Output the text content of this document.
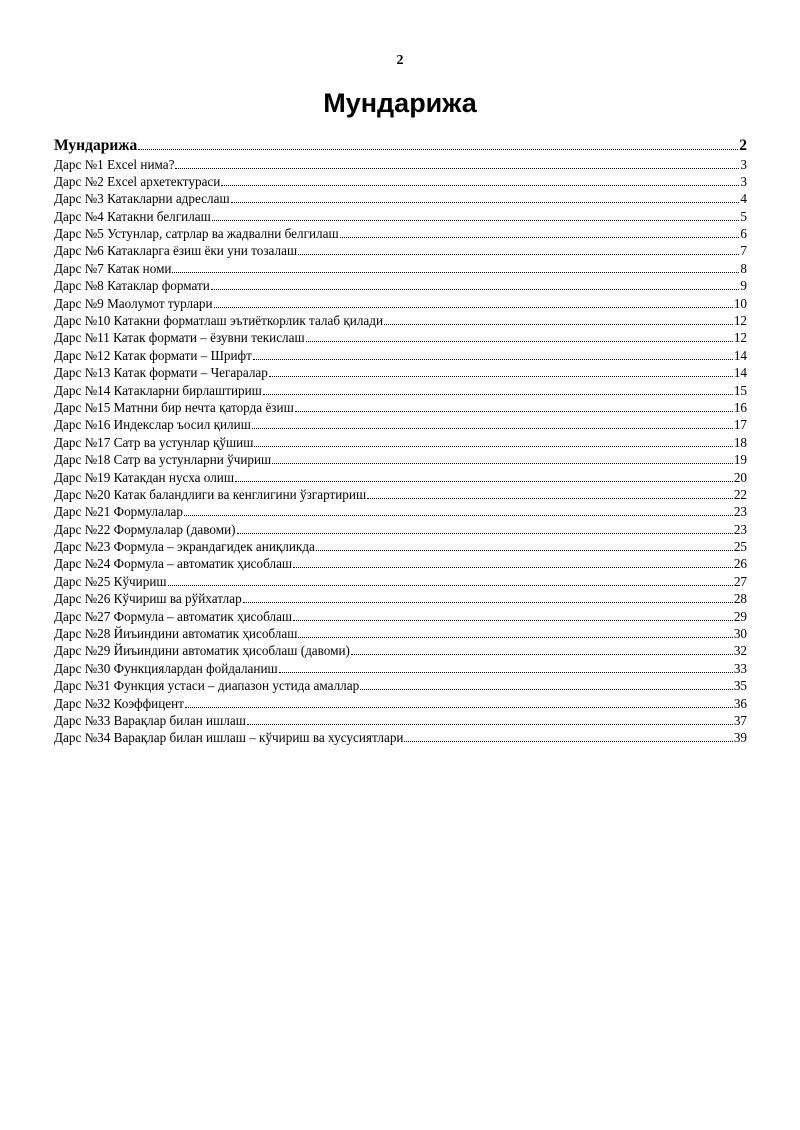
2
Мундарижа
Мундарижа	2
Дарс №1 Excel нима?	3
Дарс №2 Excel архетектураси	3
Дарс №3 Катакларни адреслаш	4
Дарс №4 Катакни белгилаш	5
Дарс №5 Устунлар, сатрлар ва жадвални белгилаш	6
Дарс №6 Катакларга ёзиш ёки уни тозалаш	7
Дарс №7 Катак номи	8
Дарс №8 Катаклар формати	9
Дарс №9 Маолумот турлари	10
Дарс №10 Катакни форматлаш эътиёткорлик талаб қилади	12
Дарс №11 Катак формати – ёзувни текислаш	12
Дарс №12 Катак формати – Шрифт	14
Дарс №13 Катак формати – Чегаралар	14
Дарс №14 Катакларни бирлаштириш	15
Дарс №15 Матнни бир нечта қаторда ёзиш	16
Дарс №16 Индекслар ъосил қилиш	17
Дарс №17 Сатр ва устунлар қўшиш	18
Дарс №18 Сатр ва устунларни ўчириш	19
Дарс №19 Катакдан нусха олиш	20
Дарс №20 Катак баландлиги ва кенглигини ўзгартириш	22
Дарс №21 Формулалар	23
Дарс №22 Формулалар (давоми)	23
Дарс №23 Формула – экрандагидек аниқликда	25
Дарс №24 Формула – автоматик ҳисоблаш	26
Дарс №25 Кўчириш	27
Дарс №26 Кўчириш ва рўйхатлар	28
Дарс №27 Формула – автоматик ҳисоблаш	29
Дарс №28 Йиъиндини автоматик ҳисоблаш	30
Дарс №29 Йиъиндини автоматик ҳисоблаш (давоми)	32
Дарс №30 Функциялардан фойдаланиш	33
Дарс №31 Функция устаси – диапазон устида амаллар	35
Дарс №32 Коэффицент	36
Дарс №33 Варақлар билан ишлаш	37
Дарс №34 Варақлар билан ишлаш – кўчириш ва хусусиятлари	39
